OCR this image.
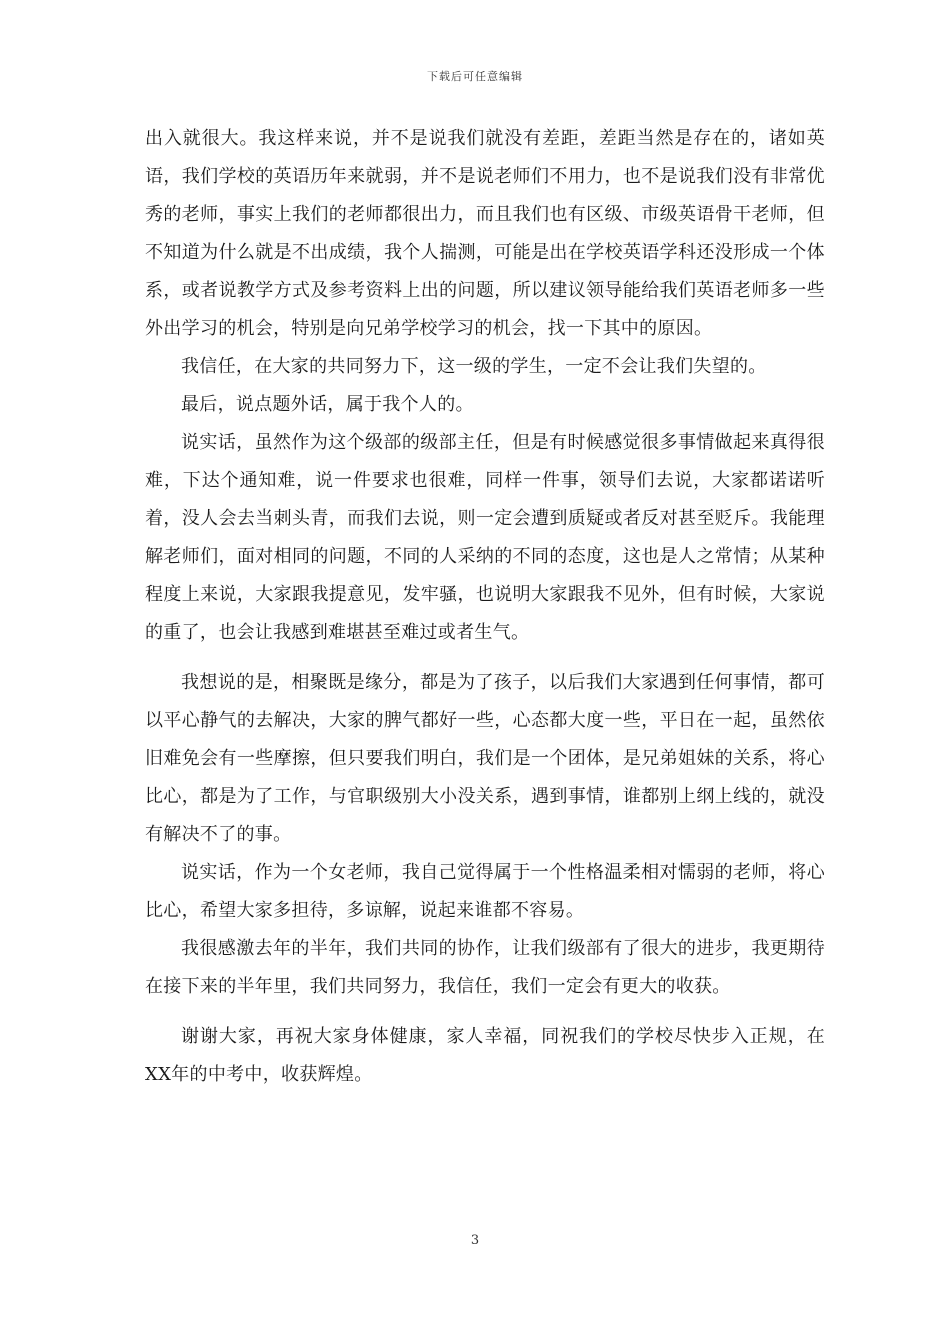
下载后可任意编辑

出入就很大。我这样来说，并不是说我们就没有差距，差距当然是存在的，诸如英语，我们学校的英语历年来就弱，并不是说老师们不用力，也不是说我们没有非常优秀的老师，事实上我们的老师都很出力，而且我们也有区级、市级英语骨干老师，但不知道为什么就是不出成绩，我个人揣测，可能是出在学校英语学科还没形成一个体系，或者说教学方式及参考资料上出的问题，所以建议领导能给我们英语老师多一些外出学习的机会，特别是向兄弟学校学习的机会，找一下其中的原因。

我信任，在大家的共同努力下，这一级的学生，一定不会让我们失望的。

最后，说点题外话，属于我个人的。

说实话，虽然作为这个级部的级部主任，但是有时候感觉很多事情做起来真得很难，下达个通知难，说一件要求也很难，同样一件事，领导们去说，大家都诺诺听着，没人会去当刺头青，而我们去说，则一定会遭到质疑或者反对甚至贬斥。我能理解老师们，面对相同的问题，不同的人采纳的不同的态度，这也是人之常情；从某种程度上来说，大家跟我提意见，发牢骚，也说明大家跟我不见外，但有时候，大家说的重了，也会让我感到难堪甚至难过或者生气。

我想说的是，相聚既是缘分，都是为了孩子，以后我们大家遇到任何事情，都可以平心静气的去解决，大家的脾气都好一些，心态都大度一些，平日在一起，虽然依旧难免会有一些摩擦，但只要我们明白，我们是一个团体，是兄弟姐妹的关系，将心比心，都是为了工作，与官职级别大小没关系，遇到事情，谁都别上纲上线的，就没有解决不了的事。

说实话，作为一个女老师，我自己觉得属于一个性格温柔相对懦弱的老师，将心比心，希望大家多担待，多谅解，说起来谁都不容易。

我很感激去年的半年，我们共同的协作，让我们级部有了很大的进步，我更期待在接下来的半年里，我们共同努力，我信任，我们一定会有更大的收获。

谢谢大家，再祝大家身体健康，家人幸福，同祝我们的学校尽快步入正规，在XX年的中考中，收获辉煌。

3
